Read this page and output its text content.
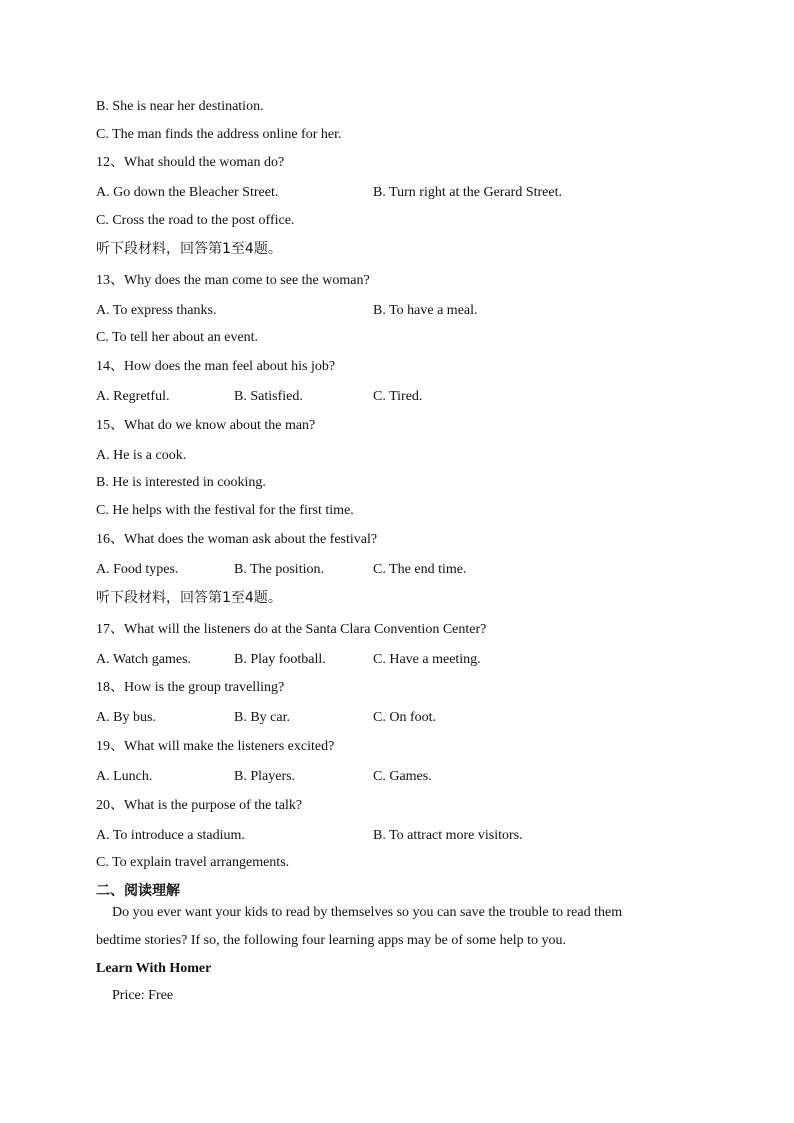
B. She is near her destination.
C. The man finds the address online for her.
12、What should the woman do?
A. Go down the Bleacher Street.	B. Turn right at the Gerard Street.
C. Cross the road to the post office.
听下段材料，回答第1至4题。
13、Why does the man come to see the woman?
A. To express thanks.	B. To have a meal.
C. To tell her about an event.
14、How does the man feel about his job?
A. Regretful.	B. Satisfied.	C. Tired.
15、What do we know about the man?
A. He is a cook.
B. He is interested in cooking.
C. He helps with the festival for the first time.
16、What does the woman ask about the festival?
A. Food types.	B. The position.	C. The end time.
听下段材料，回答第1至4题。
17、What will the listeners do at the Santa Clara Convention Center?
A. Watch games.	B. Play football.	C. Have a meeting.
18、How is the group travelling?
A. By bus.	B. By car.	C. On foot.
19、What will make the listeners excited?
A. Lunch.	B. Players.	C. Games.
20、What is the purpose of the talk?
A. To introduce a stadium.	B. To attract more visitors.
C. To explain travel arrangements.
二、阅读理解
Do you ever want your kids to read by themselves so you can save the trouble to read them
bedtime stories? If so, the following four learning apps may be of some help to you.
Learn With Homer
Price: Free
